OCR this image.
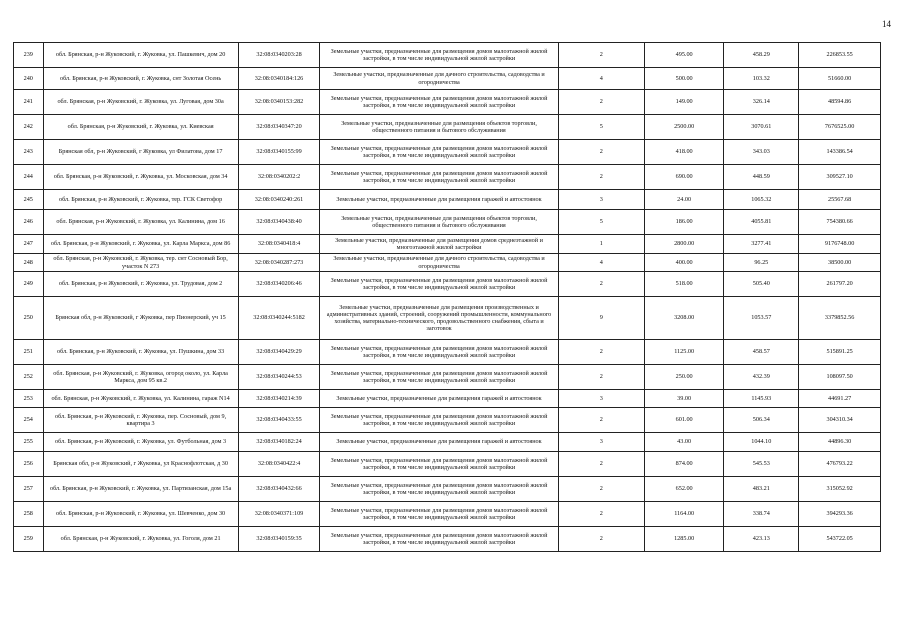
14
239	обл. Брянская, р-н Жуковский, г. Жуковка, ул. Пашкевич, дом 20	32:08:0340203:28	Земельные участки, предназначенные для размещения домов малоэтажной жилой застройки, в том числе индивидуальной жилой застройки	2	495.00	458.29	226853.55
240	обл. Брянская, р-н Жуковский, г. Жуковка, снт Золотая Осень	32:08:0340184:126	Земельные участки, предназначенные для дачного строительства, садоводства и огородничества	4	500.00	103.32	51660.00
241	обл. Брянская, р-н Жуковский, г. Жуковка, ул. Луговая, дом 30а	32:08:0340153:282	Земельные участки, предназначенные для размещения домов малоэтажной жилой застройки, в том числе индивидуальной жилой застройки	2	149.00	326.14	48594.86
242	обл. Брянская, р-н Жуковский, г. Жуковка, ул. Киевская	32:08:0340347:20	Земельные участки, предназначенные для размещения объектов торговли, общественного питания и бытового обслуживания	5	2500.00	3070.61	7676525.00
243	Брянская обл, р-н Жуковский, г Жуковка, ул Филатова, дом 17	32:08:0340155:99	Земельные участки, предназначенные для размещения домов малоэтажной жилой застройки, в том числе индивидуальной жилой застройки	2	418.00	343.03	143386.54
244	обл. Брянская, р-н Жуковский, г. Жуковка, ул. Московская, дом 34	32:08:0340202:2	Земельные участки, предназначенные для размещения домов малоэтажной жилой застройки, в том числе индивидуальной жилой застройки	2	690.00	448.59	309527.10
245	обл. Брянская, р-н Жуковский, г. Жуковка, тер. ГСК Светофор	32:08:0340240:261	Земельные участки, предназначенные для размещения гаражей и автостоянок	3	24.00	1065.32	25567.68
246	обл. Брянская, р-н Жуковский, г. Жуковка, ул. Калинина, дом 16	32:08:0340438:40	Земельные участки, предназначенные для размещения объектов торговли, общественного питания и бытового обслуживания	5	186.00	4055.81	754380.66
247	обл. Брянская, р-н Жуковский, г. Жуковка, ул. Карла Маркса, дом 86	32:08:0340418:4	Земельные участки, предназначенные для размещения домов среднеэтажной и многоэтажной жилой застройки	1	2800.00	3277.41	9176748.00
248	обл. Брянская, р-н Жуковский, г. Жуковка, тер. снт Сосновый Бор, участок N 273	32:08:0340287:273	Земельные участки, предназначенные для дачного строительства, садоводства и огородничества	4	400.00	96.25	38500.00
249	обл. Брянская, р-н Жуковский, г. Жуковка, ул. Трудовая, дом 2	32:08:0340206:46	Земельные участки, предназначенные для размещения домов малоэтажной жилой застройки, в том числе индивидуальной жилой застройки	2	518.00	505.40	261797.20
250	Брянская обл, р-н Жуковский, г Жуковка, пер Пионерский, уч 15	32:08:0340244:5182	Земельные участки, предназначенные для размещения производственных и административных зданий, строений, сооружений промышленности, коммунального хозяйства, материально-технического, продовольственного снабжения, сбыта и заготовок	9	3208.00	1053.57	3379852.56
251	обл. Брянская, р-н Жуковский, г. Жуковка, ул. Пушкина, дом 33	32:08:0340429:29	Земельные участки, предназначенные для размещения домов малоэтажной жилой застройки, в том числе индивидуальной жилой застройки	2	1125.00	458.57	515891.25
252	обл. Брянская, р-н Жуковский, г. Жуковка, огород около, ул. Карла Маркса, дом 95 кв.2	32:08:0340244:53	Земельные участки, предназначенные для размещения домов малоэтажной жилой застройки, в том числе индивидуальной жилой застройки	2	250.00	432.39	108097.50
253	обл. Брянская, р-н Жуковский, г. Жуковка, ул. Калинина, гараж N14	32:08:0340214:39	Земельные участки, предназначенные для размещения гаражей и автостоянок	3	39.00	1145.93	44691.27
254	обл. Брянская, р-н Жуковский, г. Жуковка, пер. Сосновый, дом 9, квартира 3	32:08:0340433:55	Земельные участки, предназначенные для размещения домов малоэтажной жилой застройки, в том числе индивидуальной жилой застройки	2	601.00	506.34	304310.34
255	обл. Брянская, р-н Жуковский, г. Жуковка, ул. Футбольная, дом 3	32:08:0340182:24	Земельные участки, предназначенные для размещения гаражей и автостоянок	3	43.00	1044.10	44896.30
256	Брянская обл, р-н Жуковский, г Жуковка, ул Краснофлотская, д 30	32:08:0340422:4	Земельные участки, предназначенные для размещения домов малоэтажной жилой застройки, в том числе индивидуальной жилой застройки	2	874.00	545.53	476793.22
257	обл. Брянская, р-н Жуковский, г. Жуковка, ул. Партизанская, дом 15а	32:08:0340432:66	Земельные участки, предназначенные для размещения домов малоэтажной жилой застройки, в том числе индивидуальной жилой застройки	2	652.00	483.21	315052.92
258	обл. Брянская, р-н Жуковский, г. Жуковка, ул. Шевченко, дом 30	32:08:0340371:109	Земельные участки, предназначенные для размещения домов малоэтажной жилой застройки, в том числе индивидуальной жилой застройки	2	1164.00	338.74	394293.36
259	обл. Брянская, р-н Жуковский, г. Жуковка, ул. Гоголя, дом 21	32:08:0340159:35	Земельные участки, предназначенные для размещения домов малоэтажной жилой застройки, в том числе индивидуальной жилой застройки	2	1285.00	423.13	543722.05
